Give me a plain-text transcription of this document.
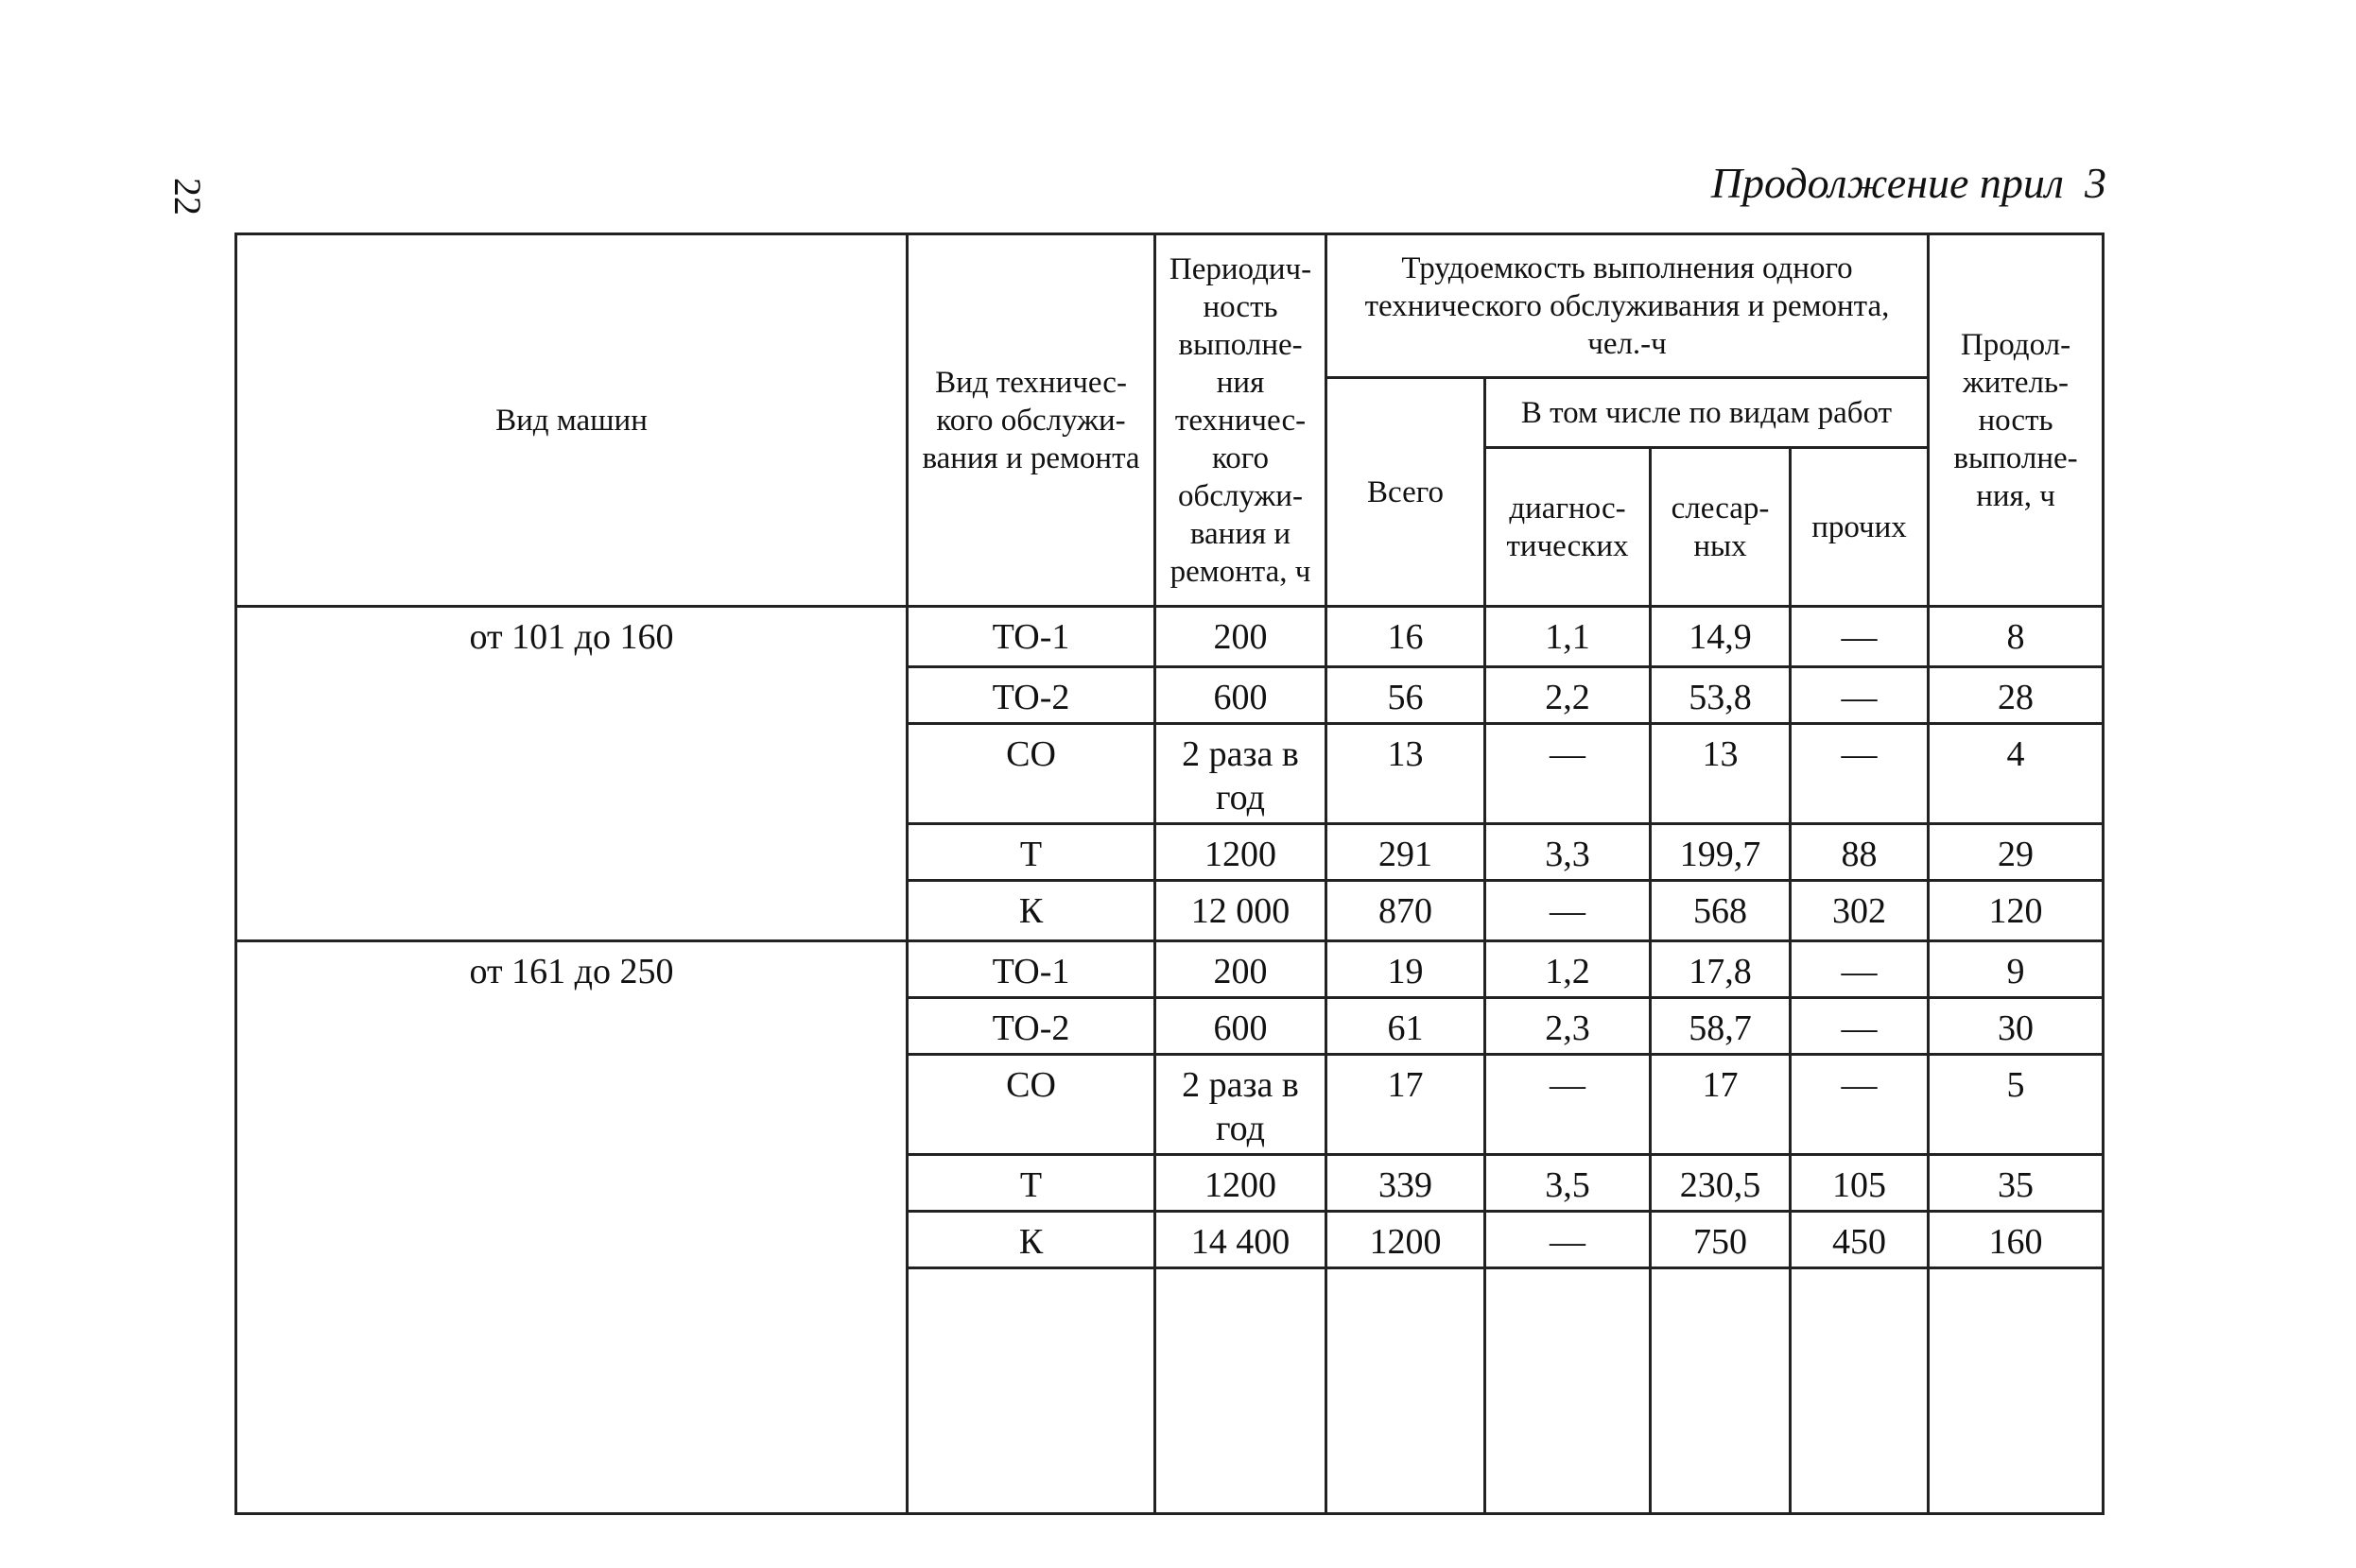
22	Продолжение прил 3
Вид машин	Вид техничес-кого обслужи-вания и ремонта	Периодич-ность выполне-ния техничес-кого обслужи-вания и ремонта, ч	Трудоемкость выполнения одного технического обслуживания и ремонта, чел.-ч				Продол-житель-ность выполне-ния, ч
			Всего	В том числе по видам работ			
				диагнос-тических	слесар-ных	прочих	
от 101 до 160	ТО-1	200	16	1,1	14,9	—	8
	ТО-2	600	56	2,2	53,8	—	28
	СО	2 раза в год	13	—	13	—	4
	Т	1200	291	3,3	199,7	88	29
	К	12 000	870	—	568	302	120
от 161 до 250	ТО-1	200	19	1,2	17,8	—	9
	ТО-2	600	61	2,3	58,7	—	30
	СО	2 раза в год	17	—	17	—	5
	Т	1200	339	3,5	230,5	105	35
	К	14 400	1200	—	750	450	160
